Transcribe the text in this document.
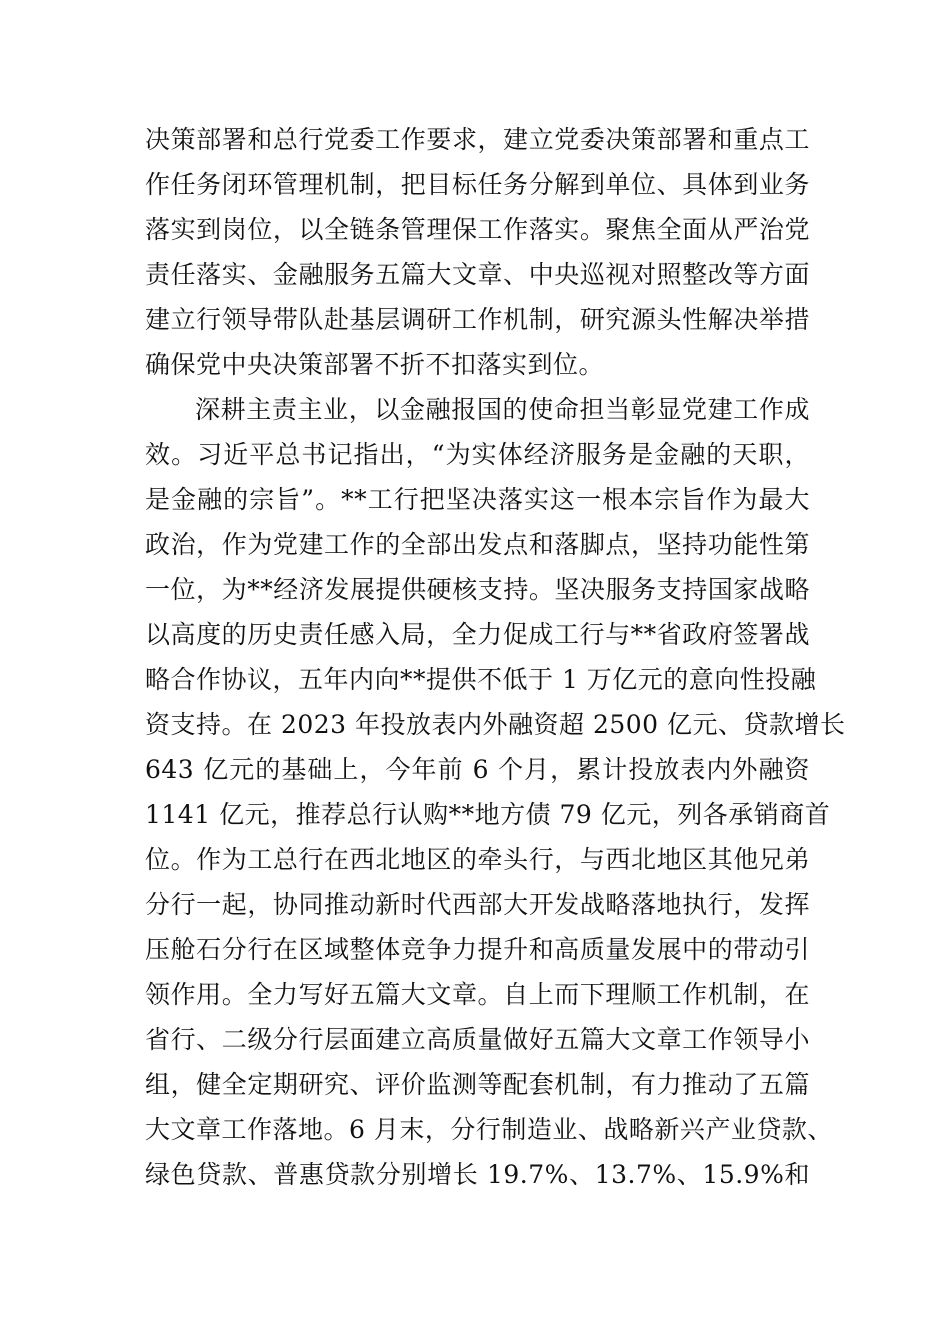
决策部署和总行党委工作要求，建立党委决策部署和重点工
作任务闭环管理机制，把目标任务分解到单位、具体到业务
落实到岗位，以全链条管理保工作落实。聚焦全面从严治党
责任落实、金融服务五篇大文章、中央巡视对照整改等方面
建立行领导带队赴基层调研工作机制，研究源头性解决举措
确保党中央决策部署不折不扣落实到位。
深耕主责主业，以金融报国的使命担当彰显党建工作成
效。习近平总书记指出，“为实体经济服务是金融的天职，
是金融的宗旨”。**工行把坚决落实这一根本宗旨作为最大
政治，作为党建工作的全部出发点和落脚点，坚持功能性第
一位，为**经济发展提供硬核支持。坚决服务支持国家战略
以高度的历史责任感入局，全力促成工行与**省政府签署战
略合作协议，五年内向**提供不低于 1 万亿元的意向性投融
资支持。在 2023 年投放表内外融资超 2500 亿元、贷款增长
643 亿元的基础上，今年前 6 个月，累计投放表内外融资
1141 亿元，推荐总行认购**地方债 79 亿元，列各承销商首
位。作为工总行在西北地区的牵头行，与西北地区其他兄弟
分行一起，协同推动新时代西部大开发战略落地执行，发挥
压舱石分行在区域整体竞争力提升和高质量发展中的带动引
领作用。全力写好五篇大文章。自上而下理顺工作机制，在
省行、二级分行层面建立高质量做好五篇大文章工作领导小
组，健全定期研究、评价监测等配套机制，有力推动了五篇
大文章工作落地。6 月末，分行制造业、战略新兴产业贷款、
绿色贷款、普惠贷款分别增长 19.7%、13.7%、15.9%和
